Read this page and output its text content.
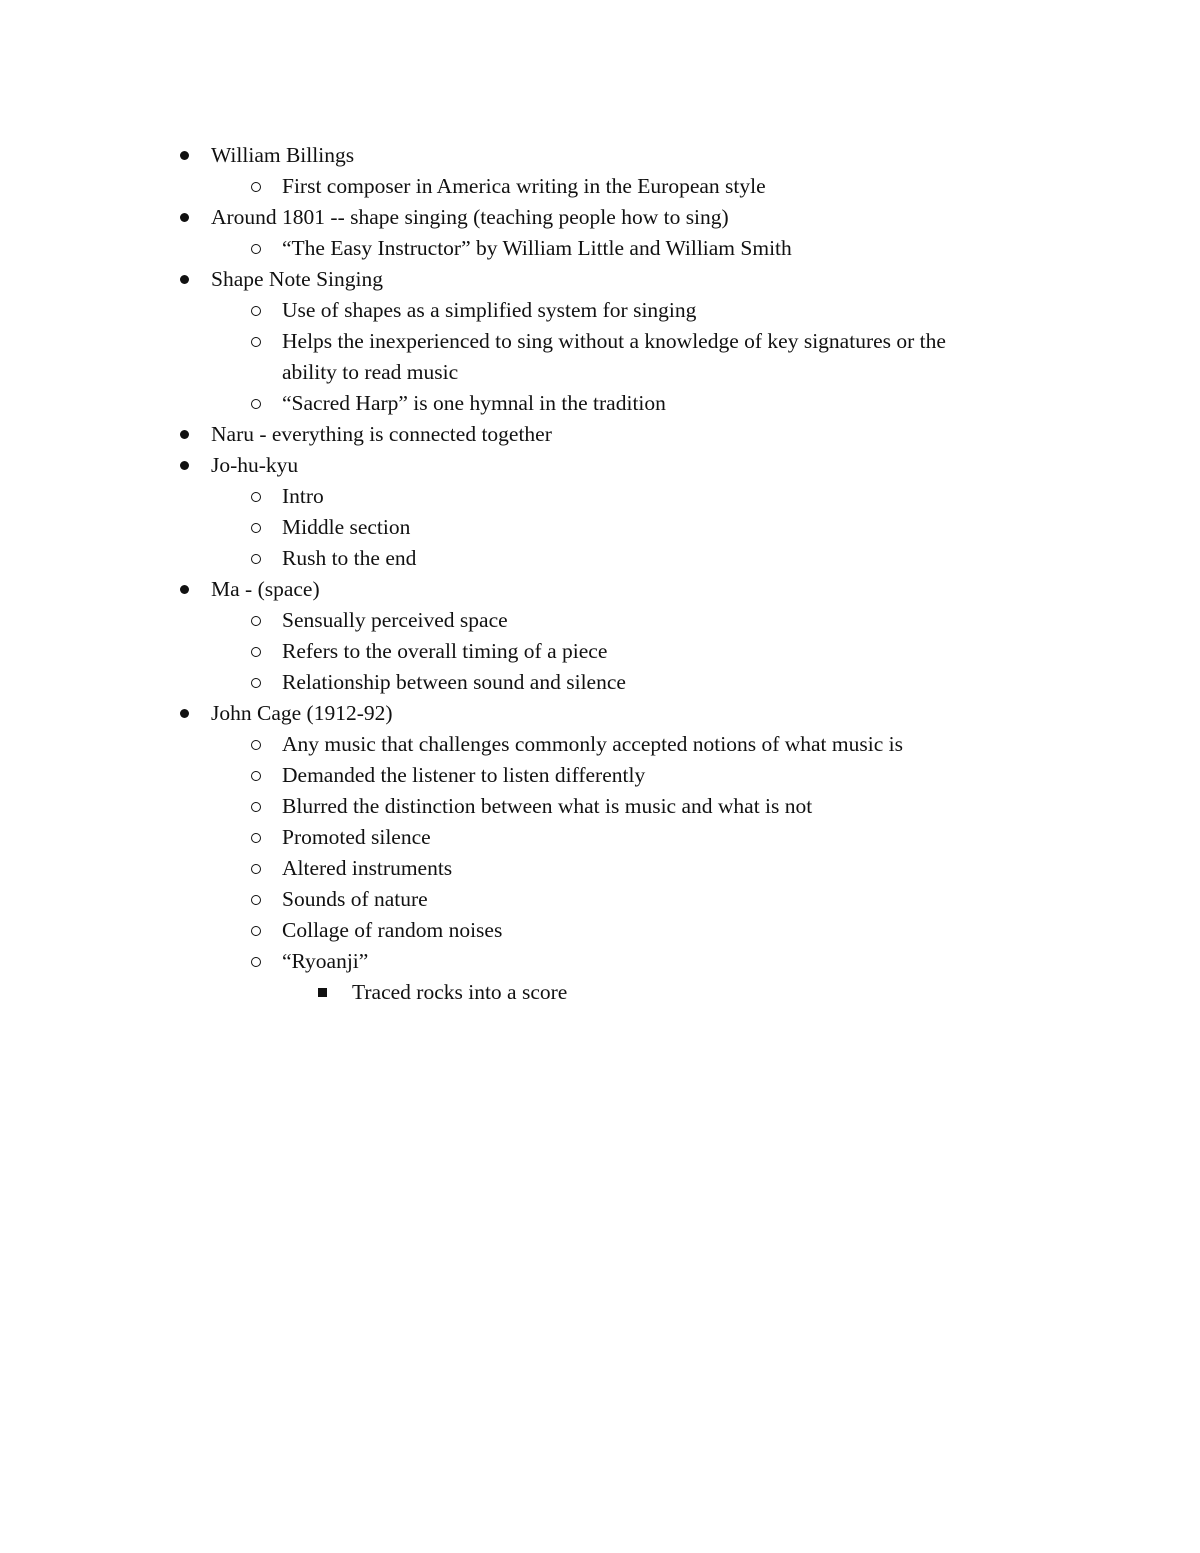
William Billings
First composer in America writing in the European style
Around 1801 -- shape singing (teaching people how to sing)
“The Easy Instructor” by William Little and William Smith
Shape Note Singing
Use of shapes as a simplified system for singing
Helps the inexperienced to sing without a knowledge of key signatures or the
ability to read music
“Sacred Harp” is one hymnal in the tradition
Naru - everything is connected together
Jo-hu-kyu
Intro
Middle section
Rush to the end
Ma - (space)
Sensually perceived space
Refers to the overall timing of a piece
Relationship between sound and silence
John Cage (1912-92)
Any music that challenges commonly accepted notions of what music is
Demanded the listener to listen differently
Blurred the distinction between what is music and what is not
Promoted silence
Altered instruments
Sounds of nature
Collage of random noises
“Ryoanji”
Traced rocks into a score
